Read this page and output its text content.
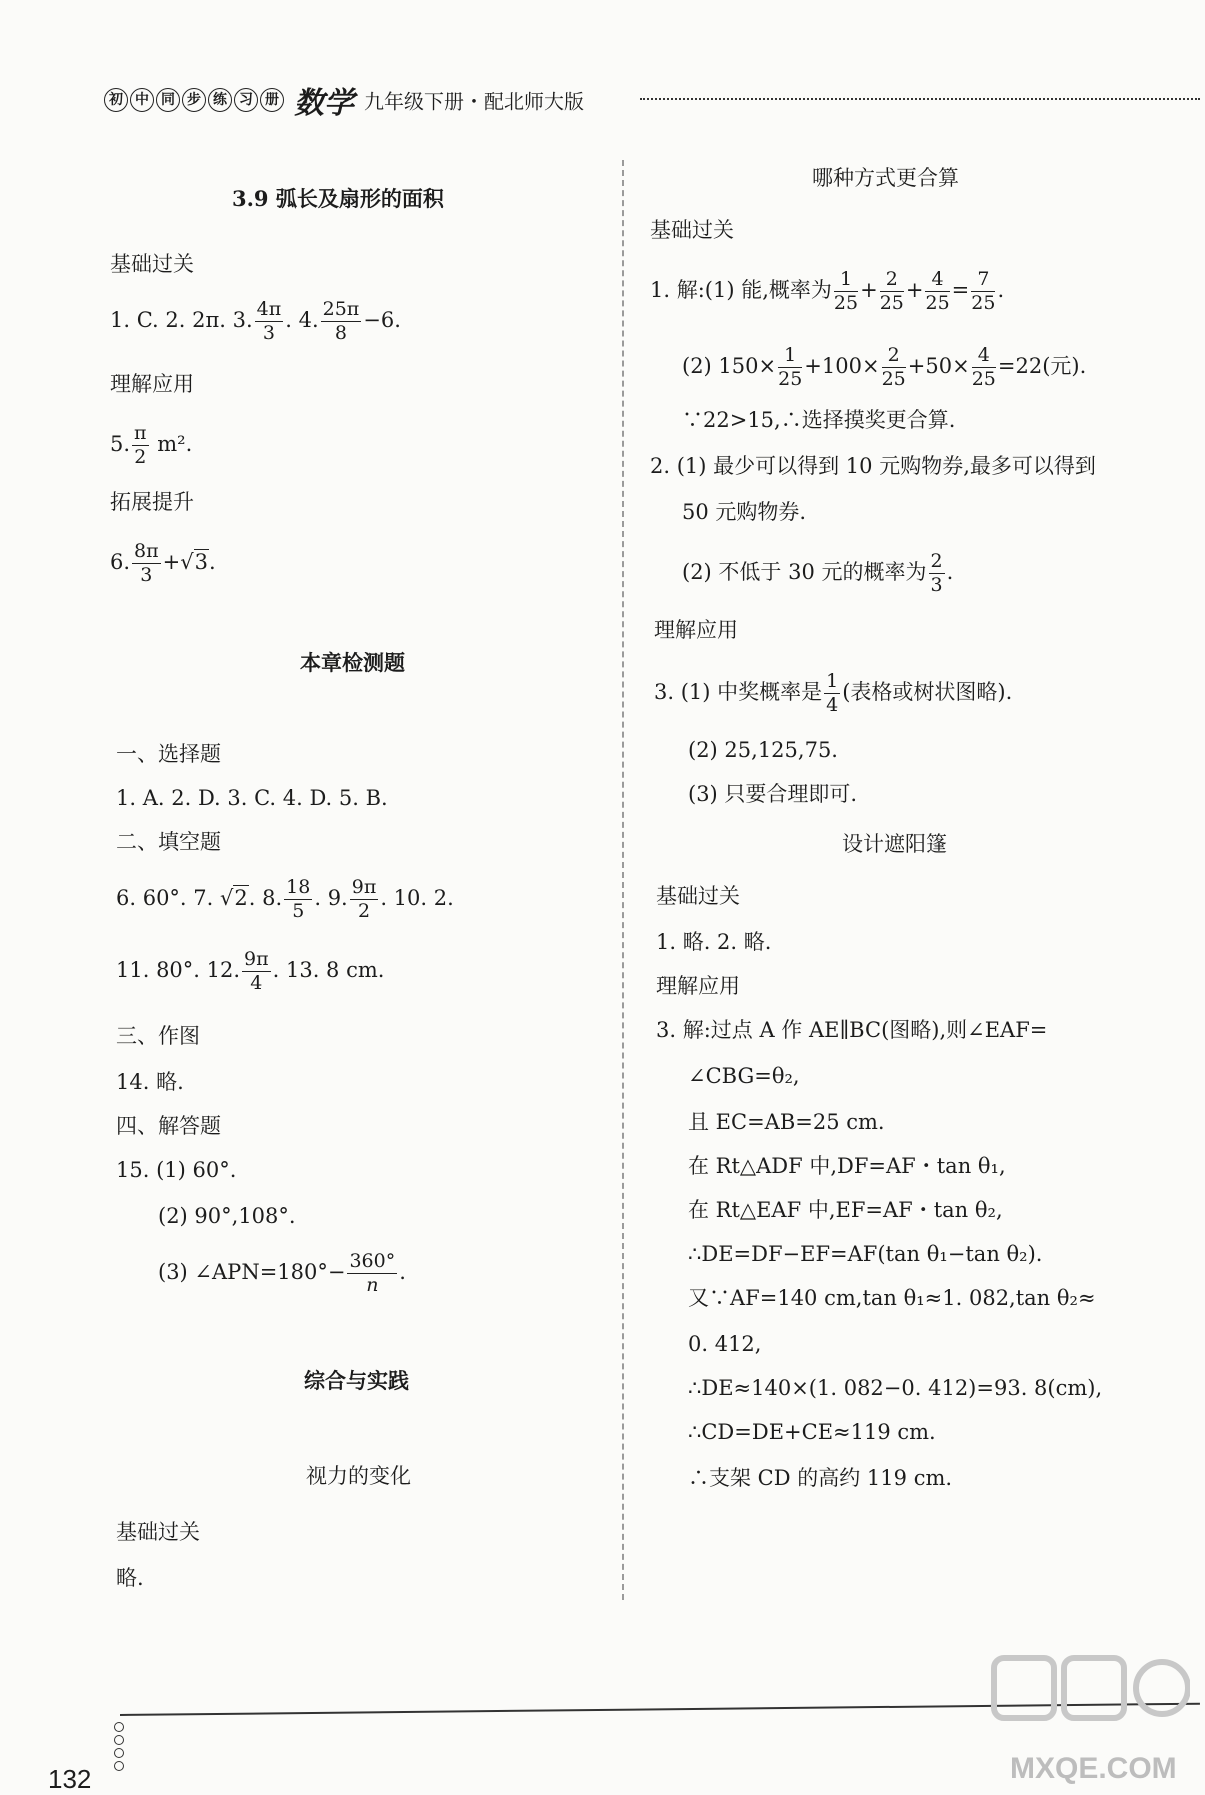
初 中 同 步 练 习 册 数学 九年级下册・配北师大版
3.9 弧长及扇形的面积
基础过关
1. C. 2. 2π. 3. $\frac{4\pi}{3}$ . 4. $\frac{25\pi}{8} -6$.
理解应用
5. $\frac{\pi}{2} m^2$.
拓展提升
6. $\frac{8\pi}{3} +√3$.
本章检测题
一、选择题
1. A. 2. D. 3. C. 4. D. 5. B.
二、填空题
6. 60°. 7. √2. 8. $\frac{18}{5}$ . 9. $\frac{9\pi}{2}$ . 10. 2.
11. 80°. 12. $\frac{9\pi}{4}$ . 13. 8 cm.
三、作图
14. 略.
四、解答题
15. (1) 60°.
(2) 90°,108°.
(3) ∠APN=180°− $\frac{360^\circ}{n}$ .
综合与实践
视力的变化
基础过关
略.
哪种方式更合算
基础过关
1. 解:(1) 能,概率为 $\frac{1}{25} + \frac{2}{25} + \frac{4}{25} = \frac{7}{25}$ .
(2) $150\times \frac{1}{25} +100\times \frac{2}{25} +50\times \frac{4}{25} =22$(元).
∵22>15,∴选择摸奖更合算.
2. (1) 最少可以得到 10 元购物券,最多可以得到
50 元购物券.
(2) 不低于 30 元的概率为 $\frac{2}{3}$ .
理解应用
3. (1) 中奖概率是 $\frac{1}{4}$ (表格或树状图略).
(2) 25,125,75.
(3) 只要合理即可.
设计遮阳篷
基础过关
1. 略. 2. 略.
理解应用
3. 解:过点 A 作 AE∥BC(图略),则∠EAF=
∠CBG=θ₂,
且 EC=AB=25 cm.
在 Rt△ADF 中,DF=AF・tan θ₁,
在 Rt△EAF 中,EF=AF・tan θ₂,
∴DE=DF−EF=AF(tan θ₁−tan θ₂).
又∵AF=140 cm,tan θ₁≈1. 082,tan θ₂≈
0. 412,
∴DE≈140×(1. 082−0. 412)=93. 8(cm),
∴CD=DE+CE≈119 cm.
∴支架 CD 的高约 119 cm.
132	MXQE.COM
